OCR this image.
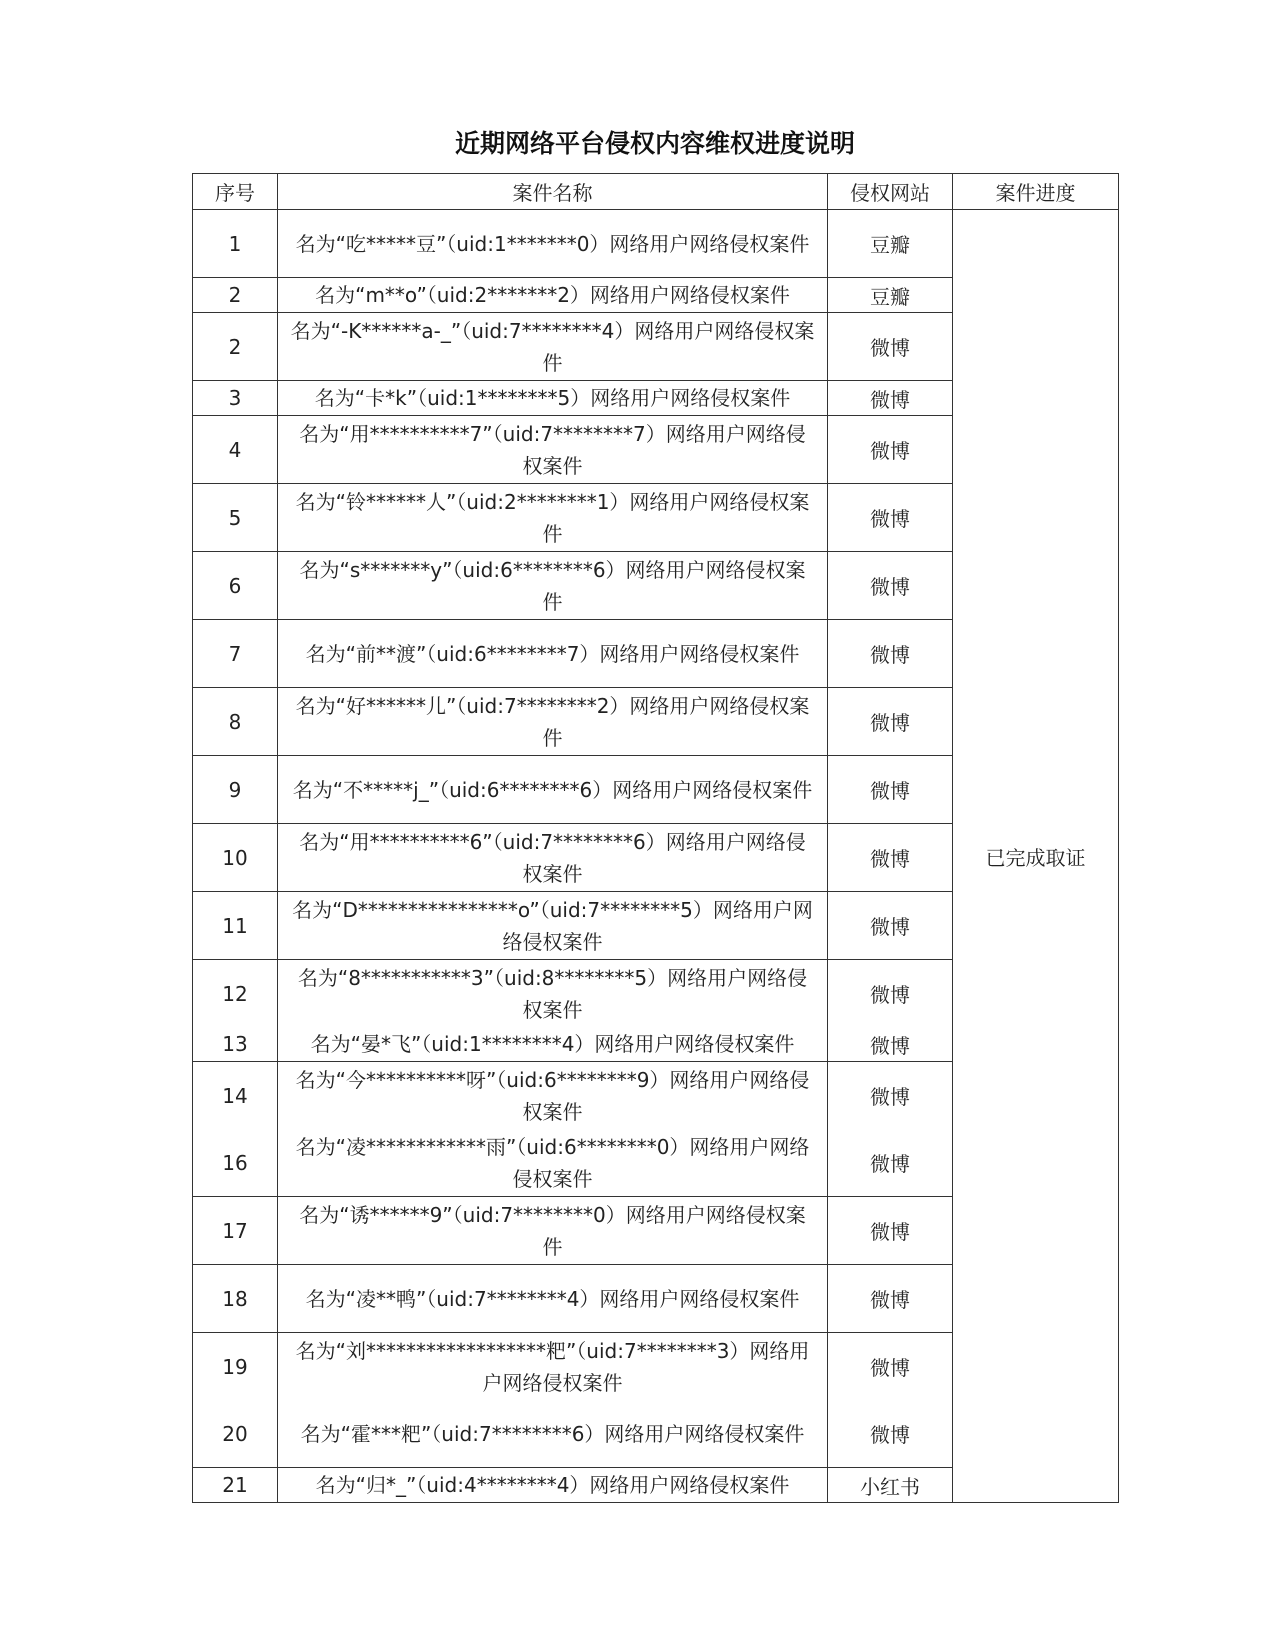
近期网络平台侵权内容维权进度说明
序号	案件名称	侵权网站	案件进度
1	名为“吃*****豆”（uid:1*******0）网络用户网络侵权案件	豆瓣	已完成取证
2	名为“m**o”（uid:2*******2）网络用户网络侵权案件	豆瓣	
2	名为“-K******a-_”（uid:7********4）网络用户网络侵权案件	微博	
3	名为“卡*k”（uid:1********5）网络用户网络侵权案件	微博	
4	名为“用**********7”（uid:7********7）网络用户网络侵权案件	微博	
5	名为“铃******人”（uid:2********1）网络用户网络侵权案件	微博	
6	名为“s*******y”（uid:6********6）网络用户网络侵权案件	微博	
7	名为“前**渡”（uid:6********7）网络用户网络侵权案件	微博	
8	名为“好******儿”（uid:7********2）网络用户网络侵权案件	微博	
9	名为“不*****j_”（uid:6********6）网络用户网络侵权案件	微博	
10	名为“用**********6”（uid:7********6）网络用户网络侵权案件	微博	
11	名为“D****************o”（uid:7********5）网络用户网络侵权案件	微博	
12	名为“8***********3”（uid:8********5）网络用户网络侵权案件	微博	
13	名为“晏*飞”（uid:1********4）网络用户网络侵权案件	微博	
14	名为“今**********呀”（uid:6********9）网络用户网络侵权案件	微博	
16	名为“凌************雨”（uid:6********0）网络用户网络侵权案件	微博	
17	名为“诱******9”（uid:7********0）网络用户网络侵权案件	微博	
18	名为“凌**鸭”（uid:7********4）网络用户网络侵权案件	微博	
19	名为“刘******************粑”（uid:7********3）网络用户网络侵权案件	微博	
20	名为“霍***粑”（uid:7********6）网络用户网络侵权案件	微博	
21	名为“归*_”（uid:4********4）网络用户网络侵权案件	小红书	
